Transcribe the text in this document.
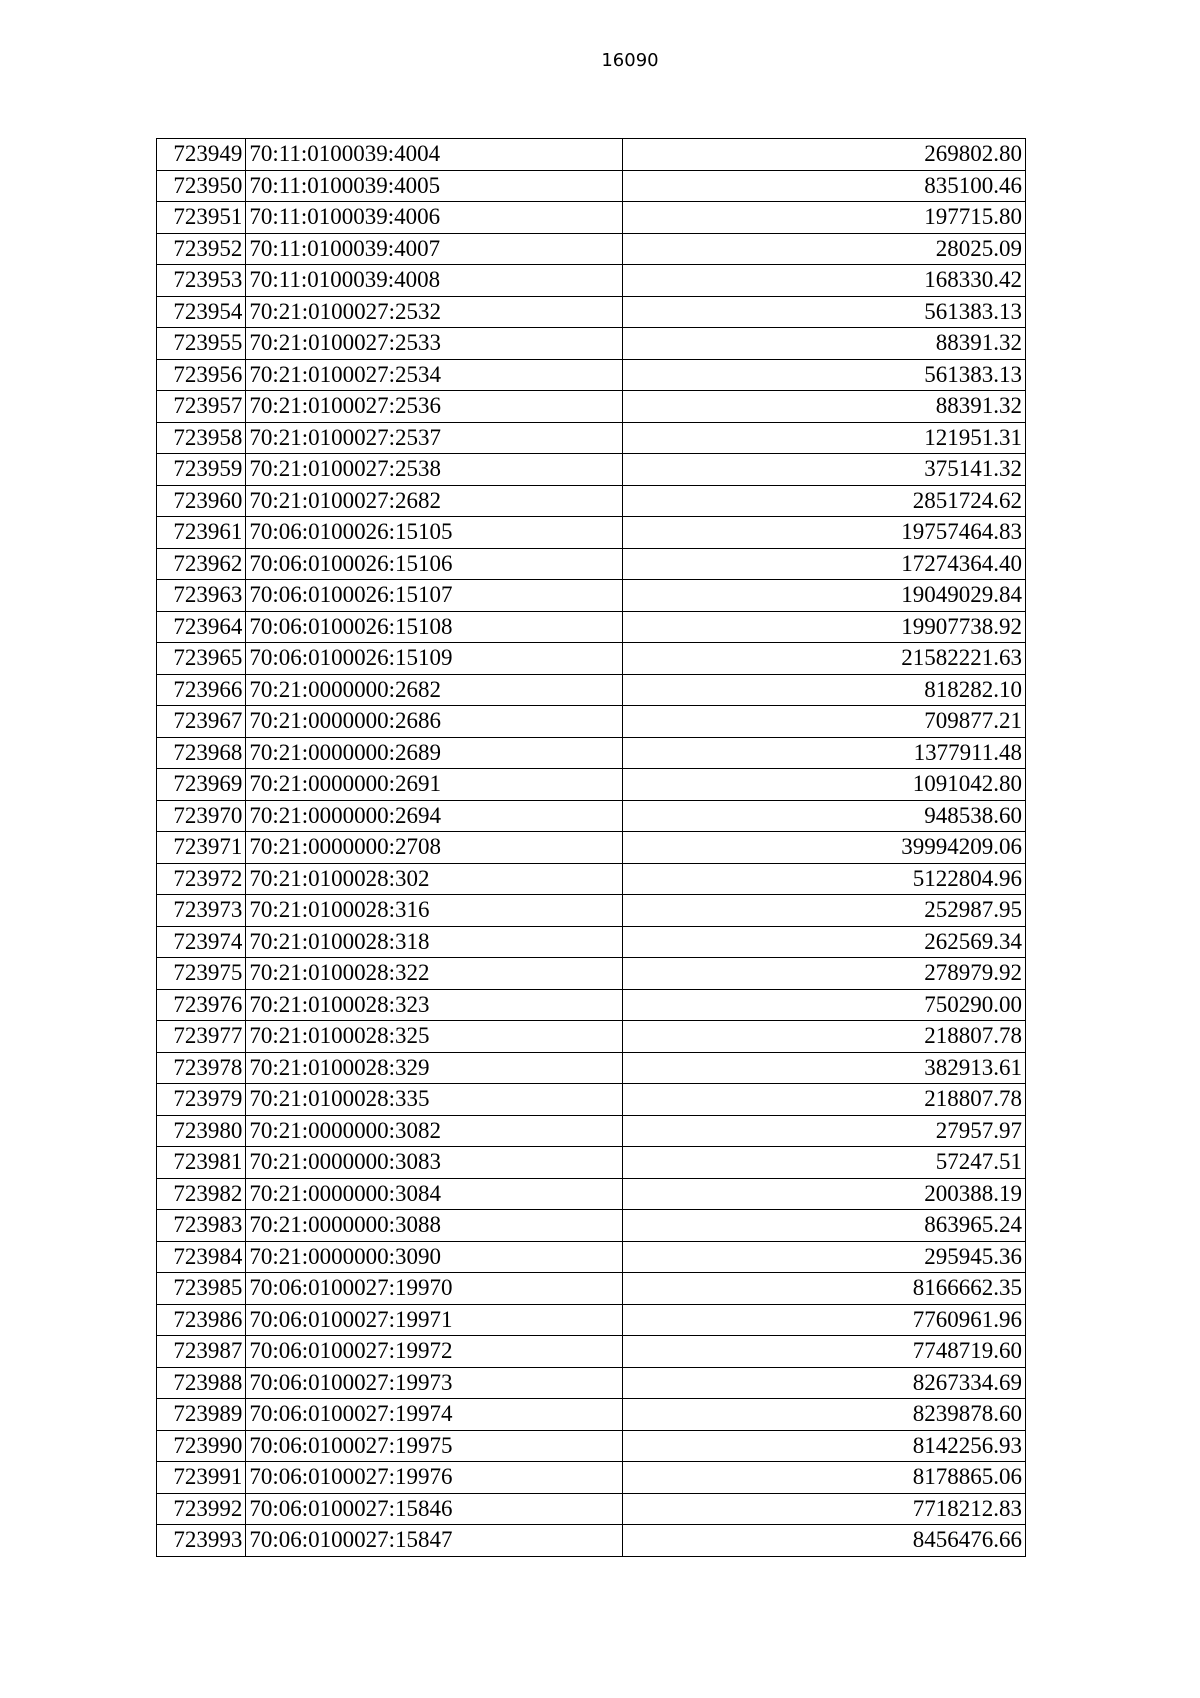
16090
723949	70:11:0100039:4004	269802.80
723950	70:11:0100039:4005	835100.46
723951	70:11:0100039:4006	197715.80
723952	70:11:0100039:4007	28025.09
723953	70:11:0100039:4008	168330.42
723954	70:21:0100027:2532	561383.13
723955	70:21:0100027:2533	88391.32
723956	70:21:0100027:2534	561383.13
723957	70:21:0100027:2536	88391.32
723958	70:21:0100027:2537	121951.31
723959	70:21:0100027:2538	375141.32
723960	70:21:0100027:2682	2851724.62
723961	70:06:0100026:15105	19757464.83
723962	70:06:0100026:15106	17274364.40
723963	70:06:0100026:15107	19049029.84
723964	70:06:0100026:15108	19907738.92
723965	70:06:0100026:15109	21582221.63
723966	70:21:0000000:2682	818282.10
723967	70:21:0000000:2686	709877.21
723968	70:21:0000000:2689	1377911.48
723969	70:21:0000000:2691	1091042.80
723970	70:21:0000000:2694	948538.60
723971	70:21:0000000:2708	39994209.06
723972	70:21:0100028:302	5122804.96
723973	70:21:0100028:316	252987.95
723974	70:21:0100028:318	262569.34
723975	70:21:0100028:322	278979.92
723976	70:21:0100028:323	750290.00
723977	70:21:0100028:325	218807.78
723978	70:21:0100028:329	382913.61
723979	70:21:0100028:335	218807.78
723980	70:21:0000000:3082	27957.97
723981	70:21:0000000:3083	57247.51
723982	70:21:0000000:3084	200388.19
723983	70:21:0000000:3088	863965.24
723984	70:21:0000000:3090	295945.36
723985	70:06:0100027:19970	8166662.35
723986	70:06:0100027:19971	7760961.96
723987	70:06:0100027:19972	7748719.60
723988	70:06:0100027:19973	8267334.69
723989	70:06:0100027:19974	8239878.60
723990	70:06:0100027:19975	8142256.93
723991	70:06:0100027:19976	8178865.06
723992	70:06:0100027:15846	7718212.83
723993	70:06:0100027:15847	8456476.66
